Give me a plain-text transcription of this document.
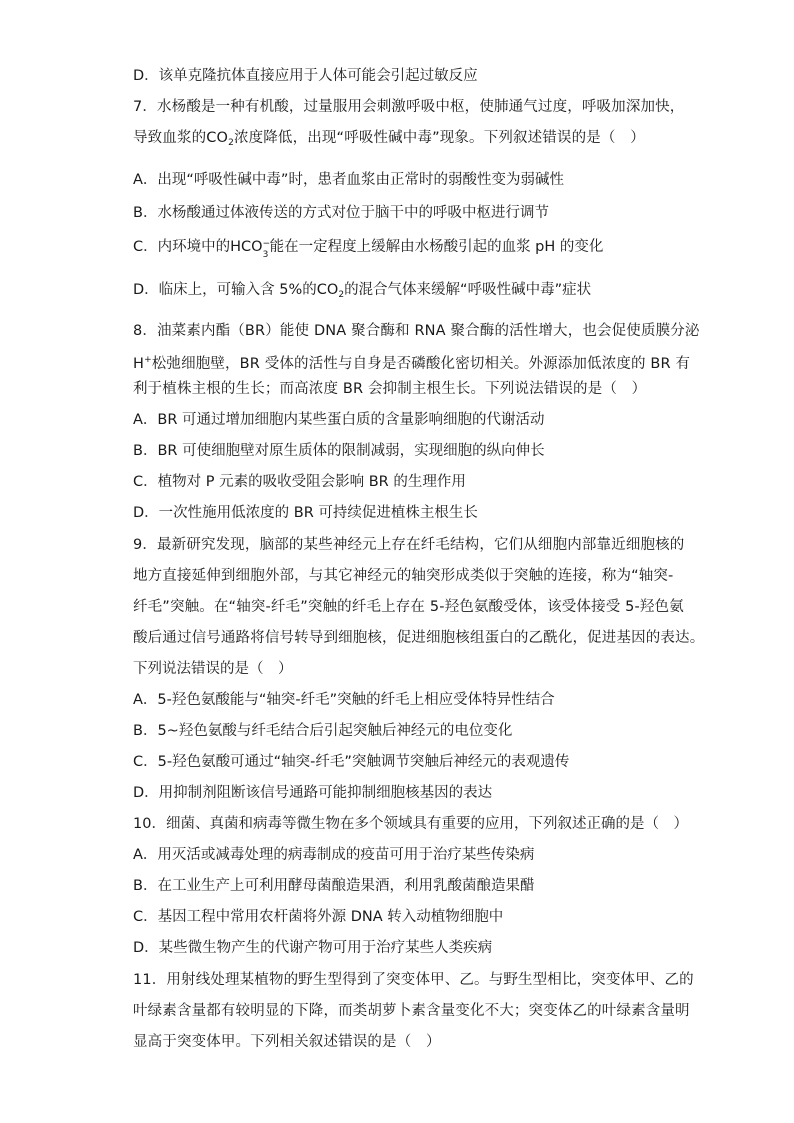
D．该单克隆抗体直接应用于人体可能会引起过敏反应
7．水杨酸是一种有机酸，过量服用会刺激呼吸中枢，使肺通气过度，呼吸加深加快，
导致血浆的$CO_2$浓度降低，出现“呼吸性碱中毒”现象。下列叙述错误的是（　）
A．出现“呼吸性碱中毒”时，患者血浆由正常时的弱酸性变为弱碱性
B．水杨酸通过体液传送的方式对位于脑干中的呼吸中枢进行调节
C．内环境中的HCO −
3 能在一定程度上缓解由水杨酸引起的血浆 pH 的变化
D．临床上，可输入含 5%的$CO_2$的混合气体来缓解“呼吸性碱中毒”症状
8．油菜素内酯（BR）能使 DNA 聚合酶和 RNA 聚合酶的活性增大，也会促使质膜分泌
H+松弛细胞壁，BR 受体的活性与自身是否磷酸化密切相关。外源添加低浓度的 BR 有
利于植株主根的生长；而高浓度 BR 会抑制主根生长。下列说法错误的是（　）
A．BR 可通过增加细胞内某些蛋白质的含量影响细胞的代谢活动
B．BR 可使细胞壁对原生质体的限制减弱，实现细胞的纵向伸长
C．植物对 P 元素的吸收受阻会影响 BR 的生理作用
D．一次性施用低浓度的 BR 可持续促进植株主根生长
9．最新研究发现，脑部的某些神经元上存在纤毛结构，它们从细胞内部靠近细胞核的
地方直接延伸到细胞外部，与其它神经元的轴突形成类似于突触的连接，称为“轴突-
纤毛”突触。在“轴突-纤毛”突触的纤毛上存在 5-羟色氨酸受体，该受体接受 5-羟色氨
酸后通过信号通路将信号转导到细胞核，促进细胞核组蛋白的乙酰化，促进基因的表达。
下列说法错误的是（　）
A．5-羟色氨酸能与“轴突-纤毛”突触的纤毛上相应受体特异性结合
B．5~羟色氨酸与纤毛结合后引起突触后神经元的电位变化
C．5-羟色氨酸可通过“轴突-纤毛”突触调节突触后神经元的表观遗传
D．用抑制剂阻断该信号通路可能抑制细胞核基因的表达
10．细菌、真菌和病毒等微生物在多个领域具有重要的应用，下列叙述正确的是（　）
A．用灭活或减毒处理的病毒制成的疫苗可用于治疗某些传染病
B．在工业生产上可利用酵母菌酿造果酒，利用乳酸菌酿造果醋
C．基因工程中常用农杆菌将外源 DNA 转入动植物细胞中
D．某些微生物产生的代谢产物可用于治疗某些人类疾病
11．用射线处理某植物的野生型得到了突变体甲、乙。与野生型相比，突变体甲、乙的
叶绿素含量都有较明显的下降，而类胡萝卜素含量变化不大；突变体乙的叶绿素含量明
显高于突变体甲。下列相关叙述错误的是（　）
